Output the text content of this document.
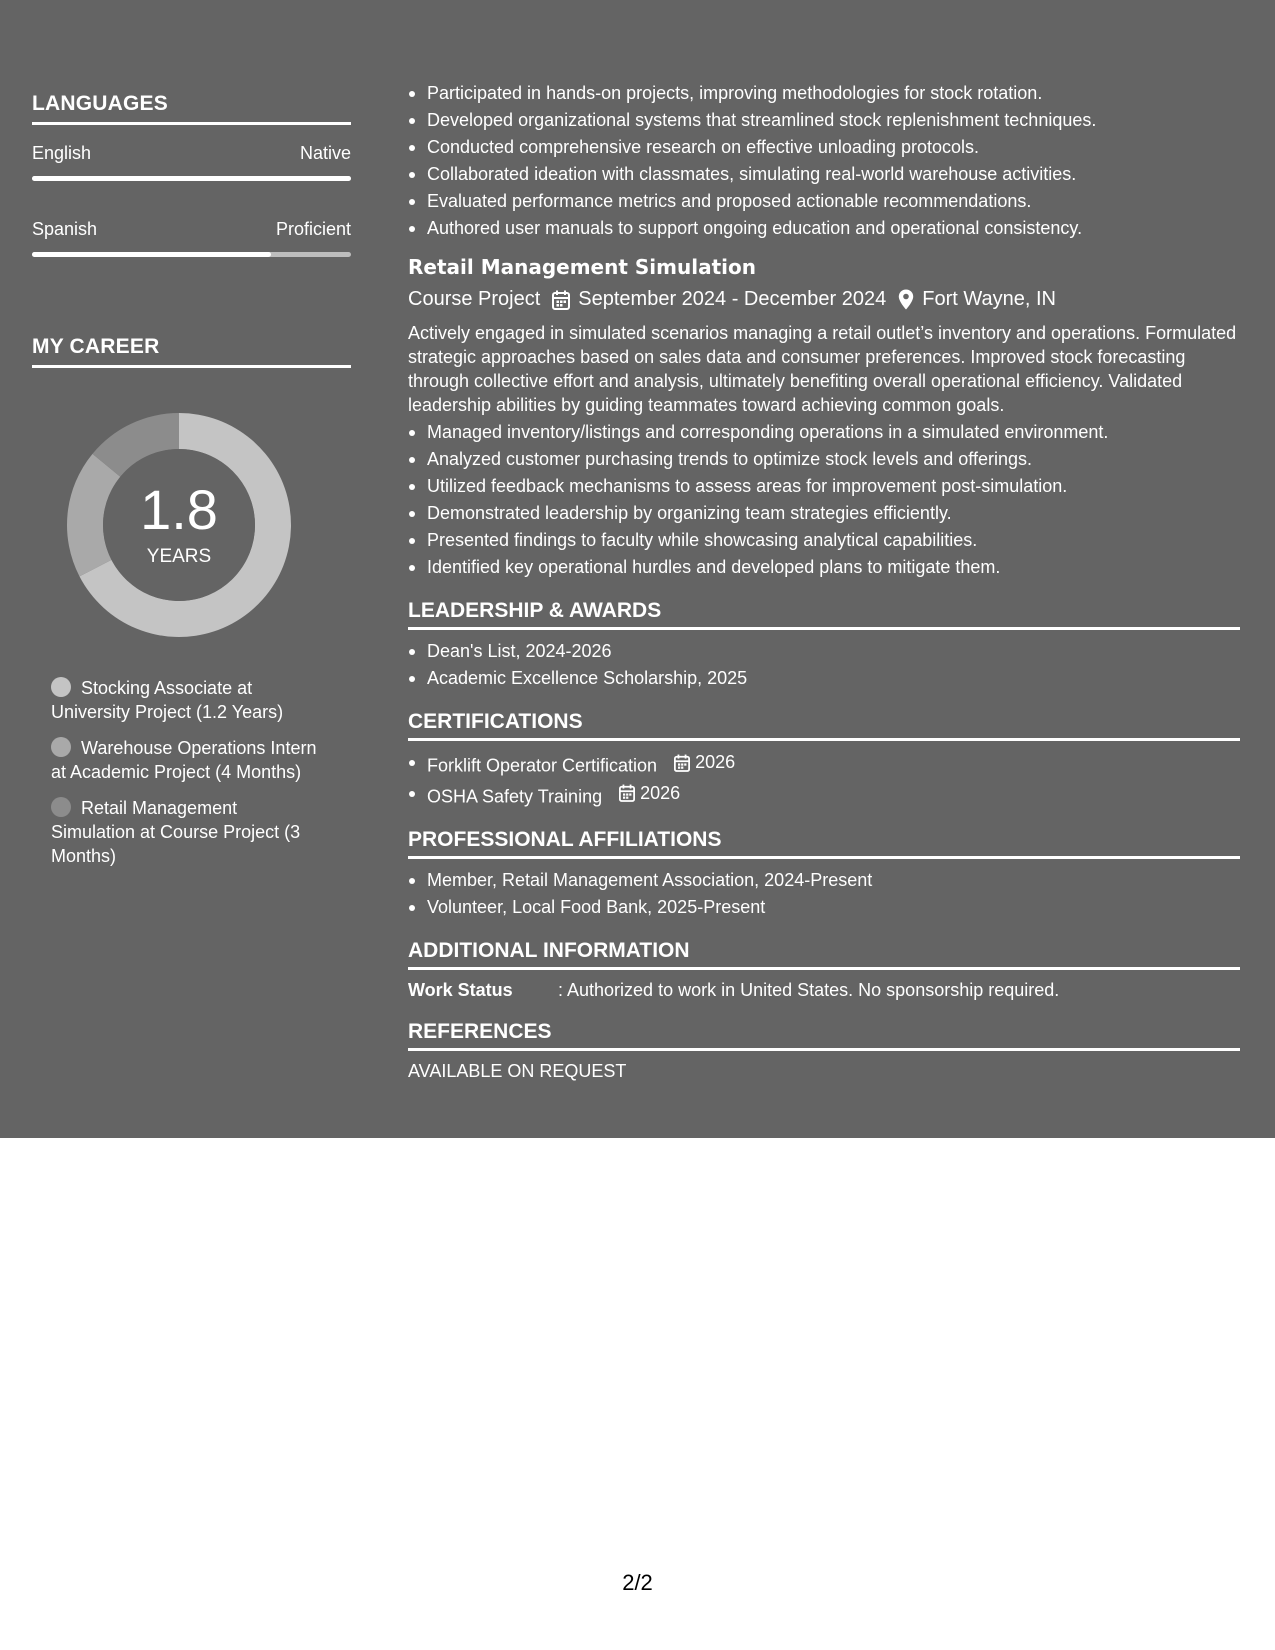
LANGUAGES
English	Native
Spanish	Proficient
MY CAREER
1.8
YEARS
Stocking Associate at University Project (1.2 Years)
Warehouse Operations Intern at Academic Project (4 Months)
Retail Management Simulation at Course Project (3 Months)
Participated in hands-on projects, improving methodologies for stock rotation.
Developed organizational systems that streamlined stock replenishment techniques.
Conducted comprehensive research on effective unloading protocols.
Collaborated ideation with classmates, simulating real-world warehouse activities.
Evaluated performance metrics and proposed actionable recommendations.
Authored user manuals to support ongoing education and operational consistency.
Retail Management Simulation
Course Project September 2024 - December 2024 Fort Wayne, IN
Actively engaged in simulated scenarios managing a retail outlet’s inventory and operations. Formulated strategic approaches based on sales data and consumer preferences. Improved stock forecasting through collective effort and analysis, ultimately benefiting overall operational efficiency. Validated leadership abilities by guiding teammates toward achieving common goals.
Managed inventory/listings and corresponding operations in a simulated environment.
Analyzed customer purchasing trends to optimize stock levels and offerings.
Utilized feedback mechanisms to assess areas for improvement post-simulation.
Demonstrated leadership by organizing team strategies efficiently.
Presented findings to faculty while showcasing analytical capabilities.
Identified key operational hurdles and developed plans to mitigate them.
LEADERSHIP & AWARDS
Dean's List, 2024-2026
Academic Excellence Scholarship, 2025
CERTIFICATIONS
Forklift Operator Certification 2026
OSHA Safety Training 2026
PROFESSIONAL AFFILIATIONS
Member, Retail Management Association, 2024-Present
Volunteer, Local Food Bank, 2025-Present
ADDITIONAL INFORMATION
Work Status	: Authorized to work in United States. No sponsorship required.
REFERENCES
AVAILABLE ON REQUEST
2/2
